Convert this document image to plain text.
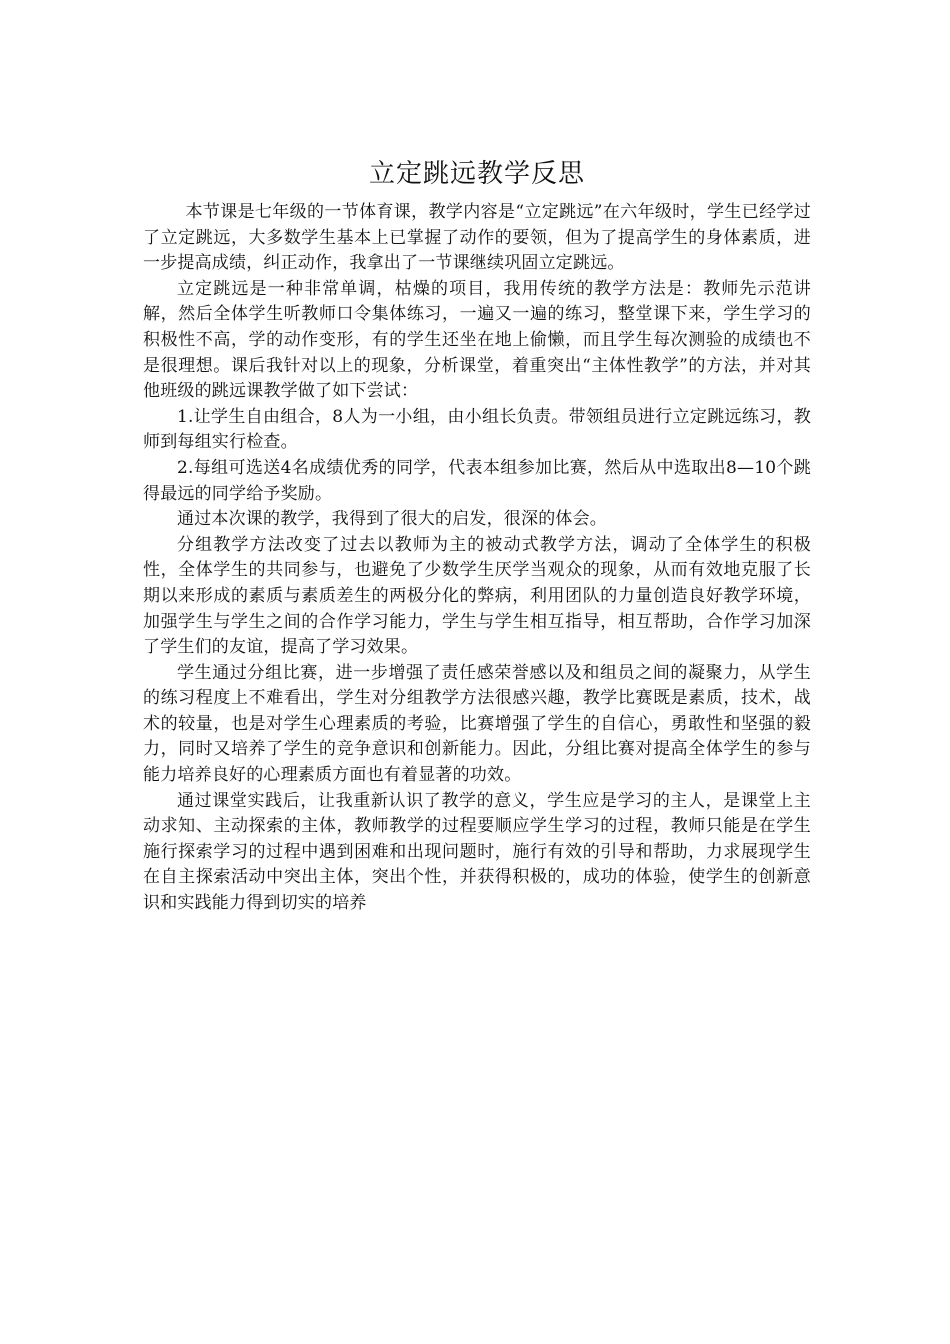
立定跳远教学反思

本节课是七年级的一节体育课，教学内容是“立定跳远”在六年级时，学生已经学过了立定跳远，大多数学生基本上已掌握了动作的要领，但为了提高学生的身体素质，进一步提高成绩，纠正动作，我拿出了一节课继续巩固立定跳远。

立定跳远是一种非常单调，枯燥的项目，我用传统的教学方法是：教师先示范讲解，然后全体学生听教师口令集体练习，一遍又一遍的练习，整堂课下来，学生学习的积极性不高，学的动作变形，有的学生还坐在地上偷懒，而且学生每次测验的成绩也不是很理想。课后我针对以上的现象，分析课堂，着重突出“主体性教学”的方法，并对其他班级的跳远课教学做了如下尝试：

1.让学生自由组合，8人为一小组，由小组长负责。带领组员进行立定跳远练习，教师到每组实行检查。

2.每组可选送4名成绩优秀的同学，代表本组参加比赛，然后从中选取出8—10个跳得最远的同学给予奖励。

通过本次课的教学，我得到了很大的启发，很深的体会。

分组教学方法改变了过去以教师为主的被动式教学方法，调动了全体学生的积极性，全体学生的共同参与，也避免了少数学生厌学当观众的现象，从而有效地克服了长期以来形成的素质与素质差生的两极分化的弊病，利用团队的力量创造良好教学环境，加强学生与学生之间的合作学习能力，学生与学生相互指导，相互帮助，合作学习加深了学生们的友谊，提高了学习效果。

学生通过分组比赛，进一步增强了责任感荣誉感以及和组员之间的凝聚力，从学生的练习程度上不难看出，学生对分组教学方法很感兴趣，教学比赛既是素质，技术，战术的较量，也是对学生心理素质的考验，比赛增强了学生的自信心，勇敢性和坚强的毅力，同时又培养了学生的竞争意识和创新能力。因此，分组比赛对提高全体学生的参与能力培养良好的心理素质方面也有着显著的功效。

通过课堂实践后，让我重新认识了教学的意义，学生应是学习的主人，是课堂上主动求知、主动探索的主体，教师教学的过程要顺应学生学习的过程，教师只能是在学生施行探索学习的过程中遇到困难和出现问题时，施行有效的引导和帮助，力求展现学生在自主探索活动中突出主体，突出个性，并获得积极的，成功的体验，使学生的创新意识和实践能力得到切实的培养
